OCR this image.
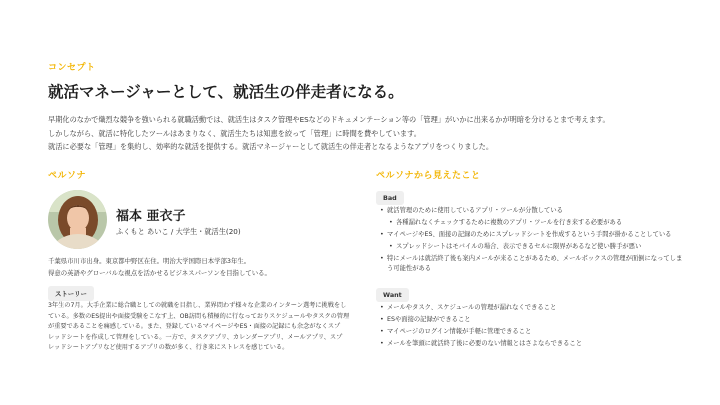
コンセプト
就活マネージャーとして、就活生の伴走者になる。

早期化のなかで熾烈な競争を強いられる就職活動では、就活生はタスク管理やESなどのドキュメンテーション等の「管理」がいかに出来るかが明暗を分けるとまで考えます。

しかしながら、就活に特化したツールはあまりなく、就活生たちは知恵を絞って「管理」に時間を費やしています。

就活に必要な「管理」を集約し、効率的な就活を提供する。就活マネージャーとして就活生の伴走者となるようなアプリをつくりました。

ペルソナ
福本 亜衣子
ふくもと あいこ / 大学生・就活生(20)

千葉県市川市出身。東京都中野区在住。明治大学国際日本学部3年生。

得意の英語やグローバルな視点を活かせるビジネスパーソンを目指している。

ストーリー

3年生の7月。大手企業に総合職としての就職を目指し、業界問わず様々な企業のインターン選考に挑戦をし

ている。多数のES提出や面接受験をこなす上、OB訪問も積極的に行なっておりスケジュールやタスクの管理

が重要であることを痛感している。また、登録しているマイページやES・面接の記録にも余念がなくスプ

レッドシートを作成して管理をしている。一方で、タスクアプリ、カレンダーアプリ、メールアプリ、スプ

レッドシートアプリなど使用するアプリの数が多く、行き来にストレスを感じている。

ペルソナから見えたこと
Bad
• 就活管理のために使用しているアプリ・ツールが分散している
• 各種漏れなくチェックするために複数のアプリ・ツールを行き来する必要がある
• マイページやES、面接の記録のためにスプレッドシートを作成するという手間が掛かることしている
• スプレッドシートはモバイルの場合、表示できるセルに限界があるなど使い勝手が悪い
• 特にメールは就活終了後も案内メールが来ることがあるため、メールボックスの管理が面倒になってしま
う可能性がある
Want
• メールやタスク、スケジュールの管理が漏れなくできること
• ESや面接の記録ができること
• マイページのログイン情報が手軽に管理できること
• メールを筆頭に就活終了後に必要のない情報とはさよならできること
